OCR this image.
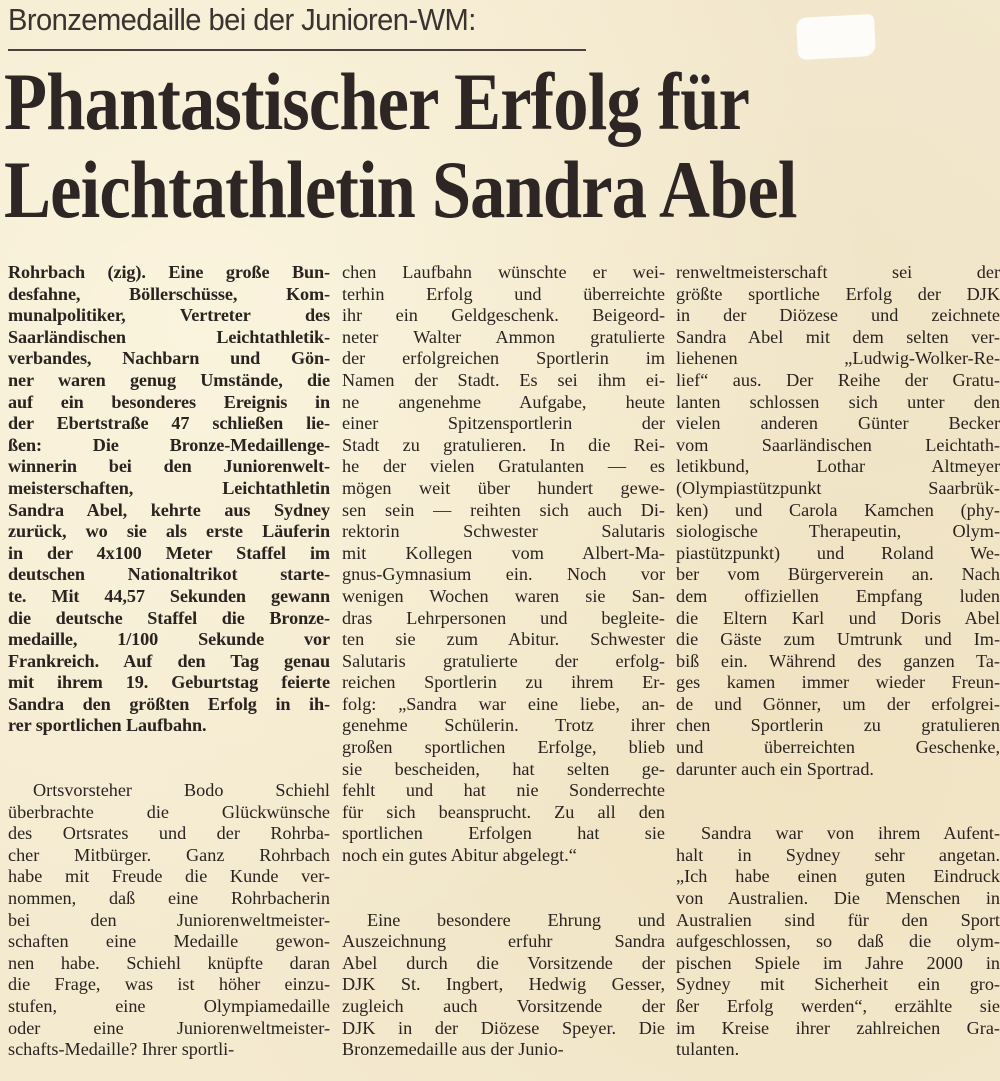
Bronzemedaille bei der Junioren-WM:
Phantastischer Erfolg für
Leichtathletin Sandra Abel

Rohrbach (zig). Eine große Bun-
desfahne, Böllerschüsse, Kom-
munalpolitiker, Vertreter des
Saarländischen Leichtathletik-
verbandes, Nachbarn und Gön-
ner waren genug Umstände, die
auf ein besonderes Ereignis in
der Ebertstraße 47 schließen lie-
ßen: Die Bronze-Medaillenge-
winnerin bei den Juniorenwelt-
meisterschaften, Leichtathletin
Sandra Abel, kehrte aus Sydney
zurück, wo sie als erste Läuferin
in der 4x100 Meter Staffel im
deutschen Nationaltrikot starte-
te. Mit 44,57 Sekunden gewann
die deutsche Staffel die Bronze-
medaille, 1/100 Sekunde vor
Frankreich. Auf den Tag genau
mit ihrem 19. Geburtstag feierte
Sandra den größten Erfolg in ih-
rer sportlichen Laufbahn.

Ortsvorsteher Bodo Schiehl
überbrachte die Glückwünsche
des Ortsrates und der Rohrba-
cher Mitbürger. Ganz Rohrbach
habe mit Freude die Kunde ver-
nommen, daß eine Rohrbacherin
bei den Juniorenweltmeister-
schaften eine Medaille gewon-
nen habe. Schiehl knüpfte daran
die Frage, was ist höher einzu-
stufen, eine Olympiamedaille
oder eine Juniorenweltmeister-
schafts-Medaille? Ihrer sportli-

chen Laufbahn wünschte er wei-
terhin Erfolg und überreichte
ihr ein Geldgeschenk. Beigeord-
neter Walter Ammon gratulierte
der erfolgreichen Sportlerin im
Namen der Stadt. Es sei ihm ei-
ne angenehme Aufgabe, heute
einer Spitzensportlerin der
Stadt zu gratulieren. In die Rei-
he der vielen Gratulanten — es
mögen weit über hundert gewe-
sen sein — reihten sich auch Di-
rektorin Schwester Salutaris
mit Kollegen vom Albert-Ma-
gnus-Gymnasium ein. Noch vor
wenigen Wochen waren sie San-
dras Lehrpersonen und begleite-
ten sie zum Abitur. Schwester
Salutaris gratulierte der erfolg-
reichen Sportlerin zu ihrem Er-
folg: „Sandra war eine liebe, an-
genehme Schülerin. Trotz ihrer
großen sportlichen Erfolge, blieb
sie bescheiden, hat selten ge-
fehlt und hat nie Sonderrechte
für sich beansprucht. Zu all den
sportlichen Erfolgen hat sie
noch ein gutes Abitur abgelegt.“

Eine besondere Ehrung und
Auszeichnung erfuhr Sandra
Abel durch die Vorsitzende der
DJK St. Ingbert, Hedwig Gesser,
zugleich auch Vorsitzende der
DJK in der Diözese Speyer. Die
Bronzemedaille aus der Junio-

renweltmeisterschaft sei der
größte sportliche Erfolg der DJK
in der Diözese und zeichnete
Sandra Abel mit dem selten ver-
liehenen „Ludwig-Wolker-Re-
lief“ aus. Der Reihe der Gratu-
lanten schlossen sich unter den
vielen anderen Günter Becker
vom Saarländischen Leichtath-
letikbund, Lothar Altmeyer
(Olympiastützpunkt Saarbrük-
ken) und Carola Kamchen (phy-
siologische Therapeutin, Olym-
piastützpunkt) und Roland We-
ber vom Bürgerverein an. Nach
dem offiziellen Empfang luden
die Eltern Karl und Doris Abel
die Gäste zum Umtrunk und Im-
biß ein. Während des ganzen Ta-
ges kamen immer wieder Freun-
de und Gönner, um der erfolgrei-
chen Sportlerin zu gratulieren
und überreichten Geschenke,
darunter auch ein Sportrad.

Sandra war von ihrem Aufent-
halt in Sydney sehr angetan.
„Ich habe einen guten Eindruck
von Australien. Die Menschen in
Australien sind für den Sport
aufgeschlossen, so daß die olym-
pischen Spiele im Jahre 2000 in
Sydney mit Sicherheit ein gro-
ßer Erfolg werden“, erzählte sie
im Kreise ihrer zahlreichen Gra-
tulanten.
